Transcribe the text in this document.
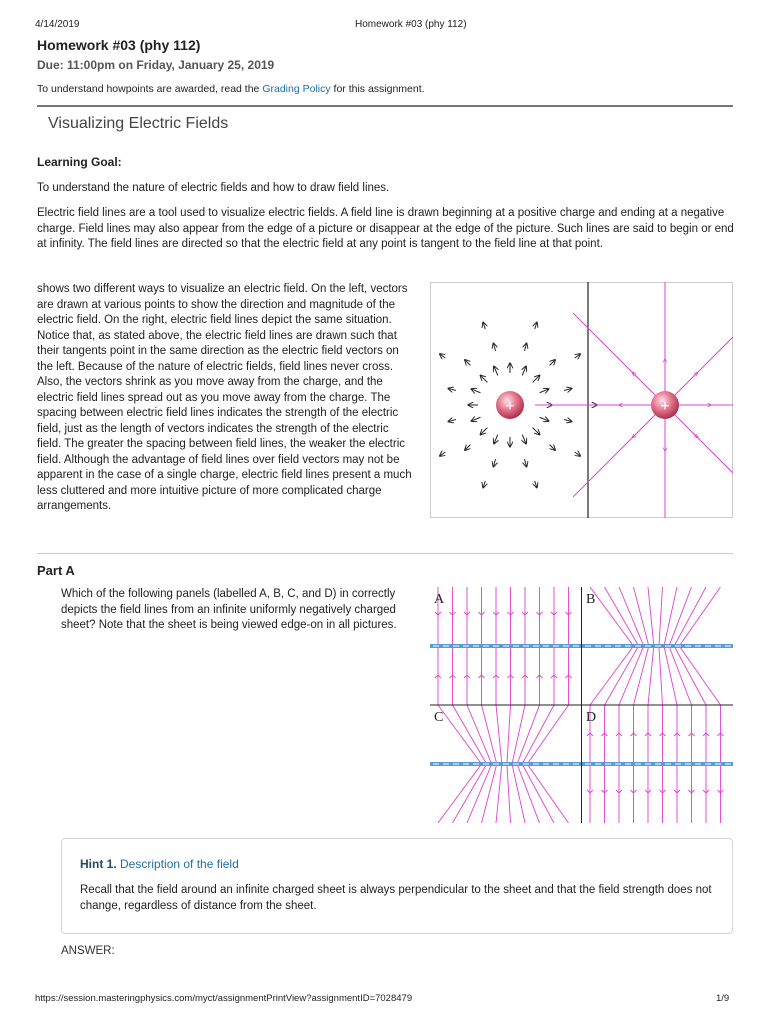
4/14/2019	Homework #03 (phy 112)
Homework #03 (phy 112)
Due: 11:00pm on Friday, January 25, 2019
To understand howpoints are awarded, read the Grading Policy for this assignment.
Visualizing Electric Fields
Learning Goal:

To understand the nature of electric fields and how to draw field lines.

Electric field lines are a tool used to visualize electric fields. A field line is drawn beginning at a positive charge and ending at a negative charge. Field lines may also appear from the edge of a picture or disappear at the edge of the picture. Such lines are said to begin or end at infinity. The field lines are directed so that the electric field at any point is tangent to the field line at that point.

shows two different ways to visualize an electric field. On the left, vectors are drawn at various points to show the direction and magnitude of the electric field. On the right, electric field lines depict the same situation. Notice that, as stated above, the electric field lines are drawn such that their tangents point in the same direction as the electric field vectors on the left. Because of the nature of electric fields, field lines never cross. Also, the vectors shrink as you move away from the charge, and the electric field lines spread out as you move away from the charge. The spacing between electric field lines indicates the strength of the electric field, just as the length of vectors indicates the strength of the electric field. The greater the spacing between field lines, the weaker the electric field. Although the advantage of field lines over field vectors may not be apparent in the case of a single charge, electric field lines present a much less cluttered and more intuitive picture of more complicated charge arrangements.

+	+
Part A

Which of the following panels (labelled A, B, C, and D) in correctly depicts the field lines from an infinite uniformly negatively charged sheet? Note that the sheet is being viewed edge-on in all pictures.

A	B
C	D
Hint 1. Description of the field

Recall that the field around an infinite charged sheet is always perpendicular to the sheet and that the field strength does not change, regardless of distance from the sheet.

ANSWER:
https://session.masteringphysics.com/myct/assignmentPrintView?assignmentID=7028479	1/9
